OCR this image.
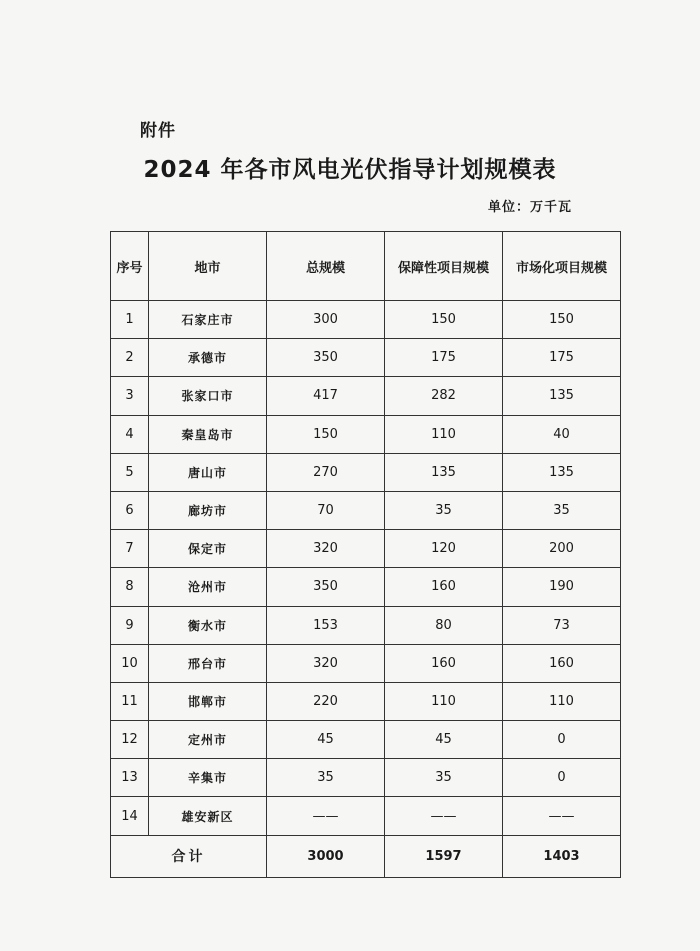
附件
2024 年各市风电光伏指导计划规模表
单位：万千瓦
序号	地市	总规模	保障性项目规模	市场化项目规模
1	石家庄市	300	150	150
2	承德市	350	175	175
3	张家口市	417	282	135
4	秦皇岛市	150	110	40
5	唐山市	270	135	135
6	廊坊市	70	35	35
7	保定市	320	120	200
8	沧州市	350	160	190
9	衡水市	153	80	73
10	邢台市	320	160	160
11	邯郸市	220	110	110
12	定州市	45	45	0
13	辛集市	35	35	0
14	雄安新区	——	——	——
合计		3000	1597	1403
